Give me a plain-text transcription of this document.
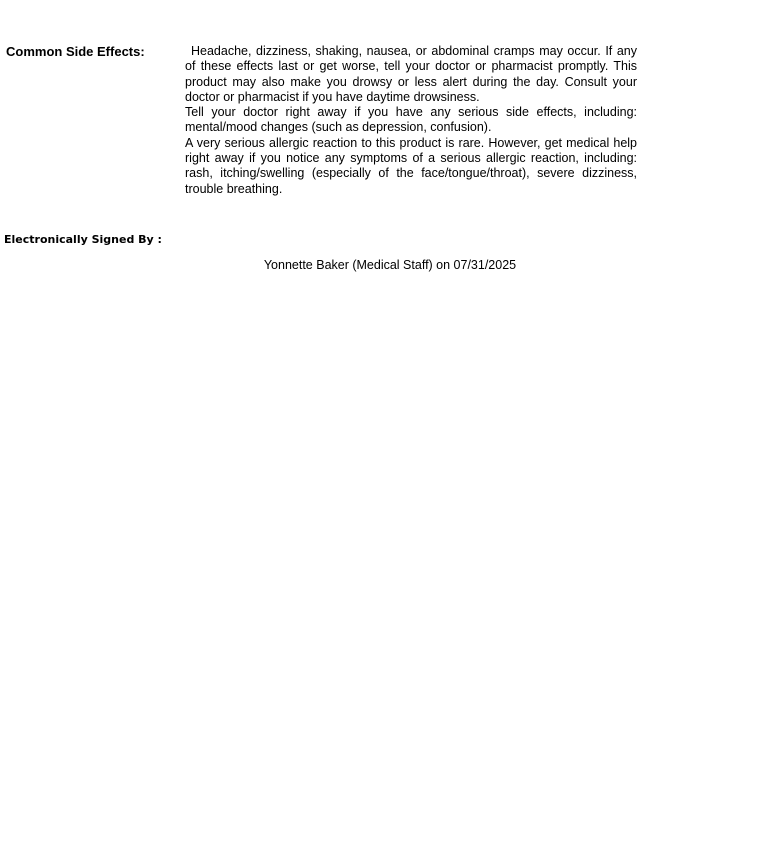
Common Side Effects:	Headache, dizziness, shaking, nausea, or abdominal cramps may occur. If any of these effects last or get worse, tell your doctor or pharmacist promptly. This product may also make you drowsy or less alert during the day. Consult your doctor or pharmacist if you have daytime drowsiness.

Tell your doctor right away if you have any serious side effects, including: mental/mood changes (such as depression, confusion).

A very serious allergic reaction to this product is rare. However, get medical help right away if you notice any symptoms of a serious allergic reaction, including: rash, itching/swelling (especially of the face/tongue/throat), severe dizziness, trouble breathing.

Electronically Signed By :
Yonnette Baker (Medical Staff) on 07/31/2025
